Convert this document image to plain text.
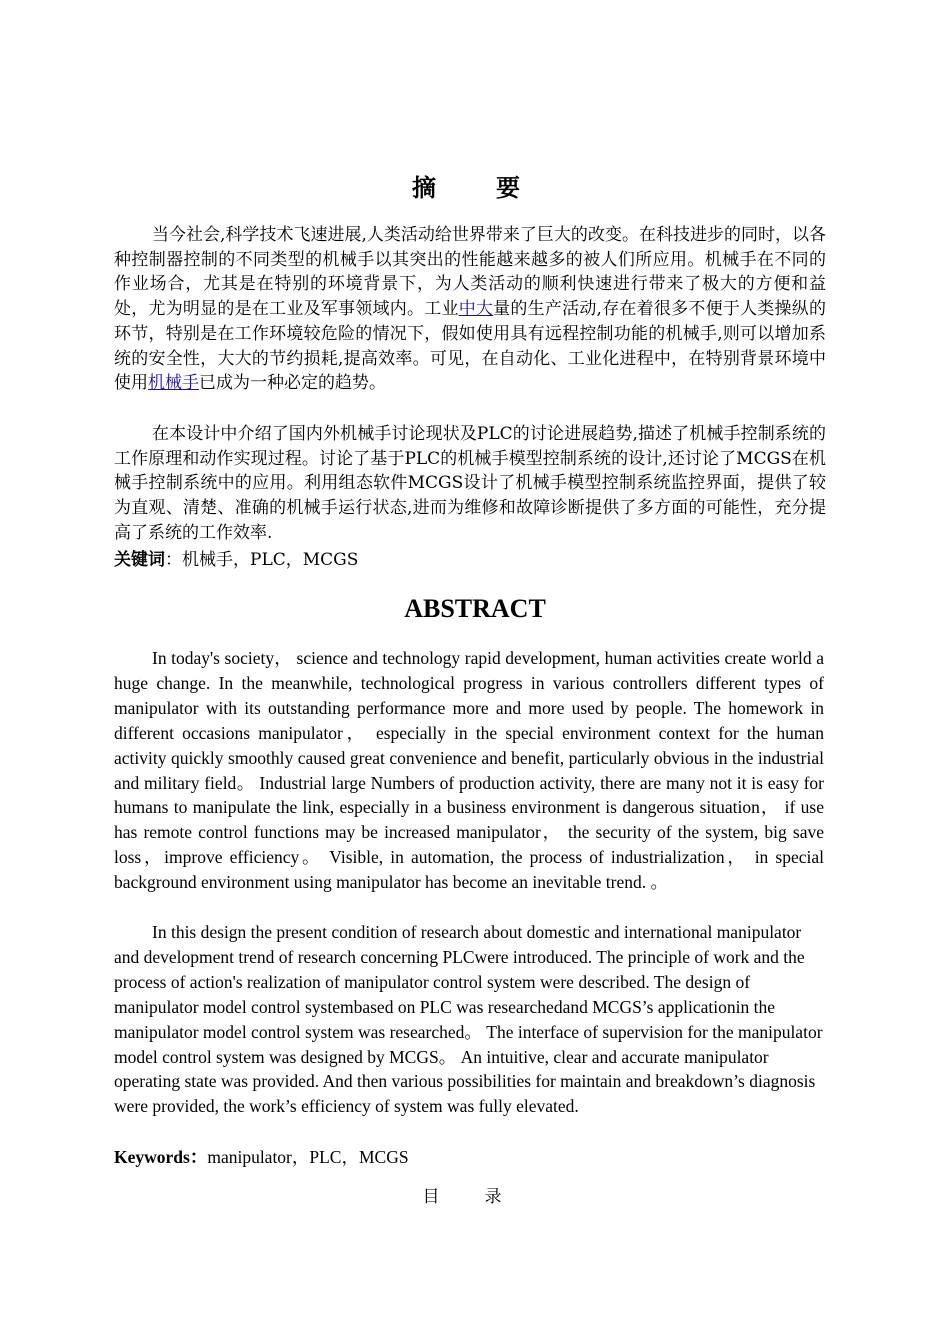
摘　要

当今社会,科学技术飞速进展,人类活动给世界带来了巨大的改变。在科技进步的同时，以各种控制器控制的不同类型的机械手以其突出的性能越来越多的被人们所应用。机械手在不同的作业场合，尤其是在特别的环境背景下，为人类活动的顺利快速进行带来了极大的方便和益处，尤为明显的是在工业及军事领域内。工业中大量的生产活动,存在着很多不便于人类操纵的环节，特别是在工作环境较危险的情况下，假如使用具有远程控制功能的机械手,则可以增加系统的安全性，大大的节约损耗,提高效率。可见，在自动化、工业化进程中，在特别背景环境中使用机械手已成为一种必定的趋势。

在本设计中介绍了国内外机械手讨论现状及PLC的讨论进展趋势,描述了机械手控制系统的工作原理和动作实现过程。讨论了基于PLC的机械手模型控制系统的设计,还讨论了MCGS在机械手控制系统中的应用。利用组态软件MCGS设计了机械手模型控制系统监控界面，提供了较为直观、清楚、准确的机械手运行状态,进而为维修和故障诊断提供了多方面的可能性，充分提高了系统的工作效率.

关键词：机械手，PLC，MCGS
ABSTRACT

In today's society， science and technology rapid development, human activities create world a huge change. In the meanwhile, technological progress in various controllers different types of manipulator with its outstanding performance more and more used by people. The homework in different occasions manipulator， especially in the special environment context for the human activity quickly smoothly caused great convenience and benefit, particularly obvious in the industrial and military field。 Industrial large Numbers of production activity, there are many not it is easy for humans to manipulate the link, especially in a business environment is dangerous situation， if use has remote control functions may be increased manipulator， the security of the system, big save loss，improve efficiency。 Visible, in automation, the process of industrialization， in special background environment using manipulator has become an inevitable trend. 。

In this design the present condition of research about domestic and international manipulator and development trend of research concerning PLCwere introduced. The principle of work and the process of action's realization of manipulator control system were described. The design of manipulator model control systembased on PLC was researchedand MCGS’s applicationin the manipulator model control system was researched。 The interface of supervision for the manipulator model control system was designed by MCGS。 An intuitive, clear and accurate manipulator operating state was provided. And then various possibilities for maintain and breakdown’s diagnosis were provided, the work’s efficiency of system was fully elevated.

Keywords：manipulator，PLC，MCGS
目　录
